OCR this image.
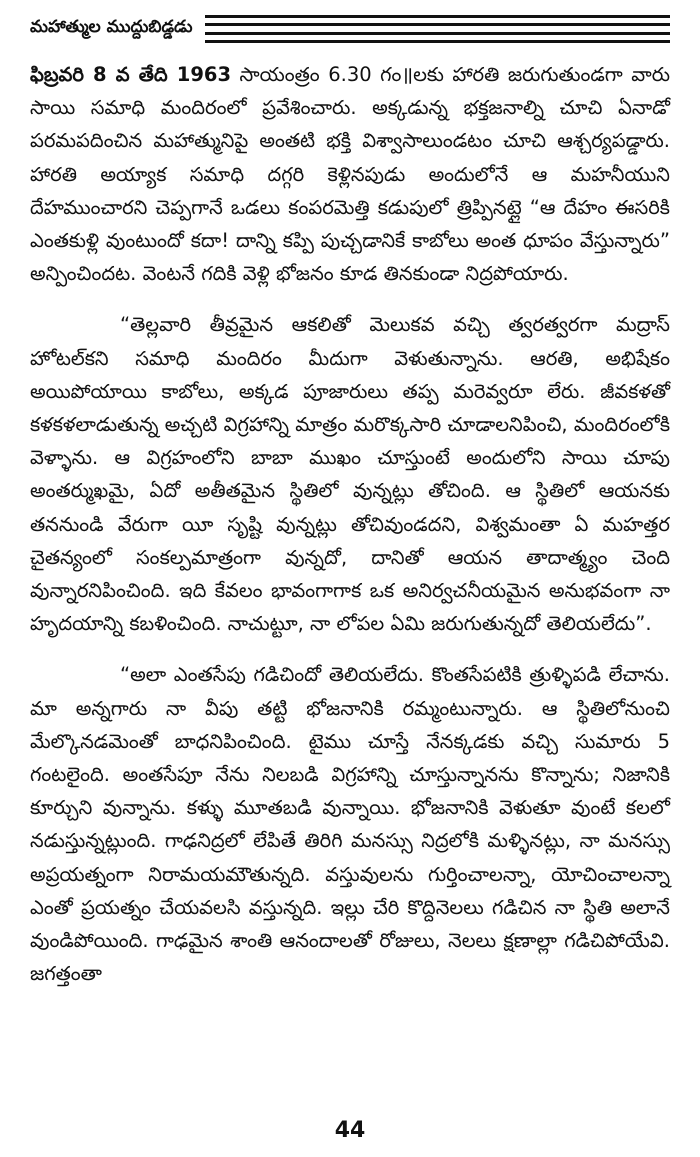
మహాత్ముల ముద్దుబిడ్డడు

ఫిబ్రవరి 8 వ తేది 1963 సాయంత్రం 6.30 గం॥లకు హారతి జరుగుతుండగా వారు సాయి సమాధి మందిరంలో ప్రవేశించారు. అక్కడున్న భక్తజనాల్ని చూచి ఏనాడో పరమపదించిన మహాత్మునిపై అంతటి భక్తి విశ్వాసాలుండటం చూచి ఆశ్చర్యపడ్డారు. హారతి అయ్యాక సమాధి దగ్గరి కెళ్లినపుడు అందులోనే ఆ మహనీయుని దేహముంచారని చెప్పగానే ఒడలు కంపరమెత్తి కడుపులో త్రిప్పినట్లై “ఆ దేహం ఈసరికి ఎంతకుళ్లి వుంటుందో కదా! దాన్ని కప్పి పుచ్చడానికే కాబోలు అంత ధూపం వేస్తున్నారు” అన్పించిందట. వెంటనే గదికి వెళ్లి భోజనం కూడ తినకుండా నిద్రపోయారు.

“తెల్లవారి తీవ్రమైన ఆకలితో మెలుకవ వచ్చి త్వరత్వరగా మద్రాస్ హోటల్‌కని సమాధి మందిరం మీదుగా వెళుతున్నాను. ఆరతి, అభిషేకం అయిపోయాయి కాబోలు, అక్కడ పూజారులు తప్ప మరెవ్వరూ లేరు. జీవకళతో కళకళలాడుతున్న అచ్చటి విగ్రహాన్ని మాత్రం మరొక్కసారి చూడాలనిపించి, మందిరంలోకి వెళ్ళాను. ఆ విగ్రహంలోని బాబా ముఖం చూస్తుంటే అందులోని సాయి చూపు అంతర్ముఖమై, ఏదో అతీతమైన స్థితిలో వున్నట్లు తోచింది. ఆ స్థితిలో ఆయనకు తననుండి వేరుగా యీ సృష్టి వున్నట్లు తోచివుండదని, విశ్వమంతా ఏ మహత్తర చైతన్యంలో సంకల్పమాత్రంగా వున్నదో, దానితో ఆయన తాదాత్మ్యం చెంది వున్నారనిపించింది. ఇది కేవలం భావంగాగాక ఒక అనిర్వచనీయమైన అనుభవంగా నా హృదయాన్ని కబళించింది. నాచుట్టూ, నా లోపల ఏమి జరుగుతున్నదో తెలియలేదు”.

“అలా ఎంతసేపు గడిచిందో తెలియలేదు. కొంతసేపటికి త్రుళ్ళిపడి లేచాను. మా అన్నగారు నా వీపు తట్టి భోజనానికి రమ్మంటున్నారు. ఆ స్థితిలోనుంచి మేల్కొనడమెంతో బాధనిపించింది. టైము చూస్తే నేనక్కడకు వచ్చి సుమారు 5 గంటలైంది. అంతసేపూ నేను నిలబడి విగ్రహాన్ని చూస్తున్నానను కొన్నాను; నిజానికి కూర్చుని వున్నాను. కళ్ళు మూతబడి వున్నాయి. భోజనానికి వెళుతూ వుంటే కలలో నడుస్తున్నట్లుంది. గాఢనిద్రలో లేపితే తిరిగి మనస్సు నిద్రలోకి మళ్ళినట్లు, నా మనస్సు అప్రయత్నంగా నిరామయమౌతున్నది. వస్తువులను గుర్తించాలన్నా, యోచించాలన్నా ఎంతో ప్రయత్నం చేయవలసి వస్తున్నది. ఇల్లు చేరి కొద్దినెలలు గడిచిన నా స్థితి అలానే వుండిపోయింది. గాఢమైన శాంతి ఆనందాలతో రోజులు, నెలలు క్షణాల్లా గడిచిపోయేవి. జగత్తంతా

44
